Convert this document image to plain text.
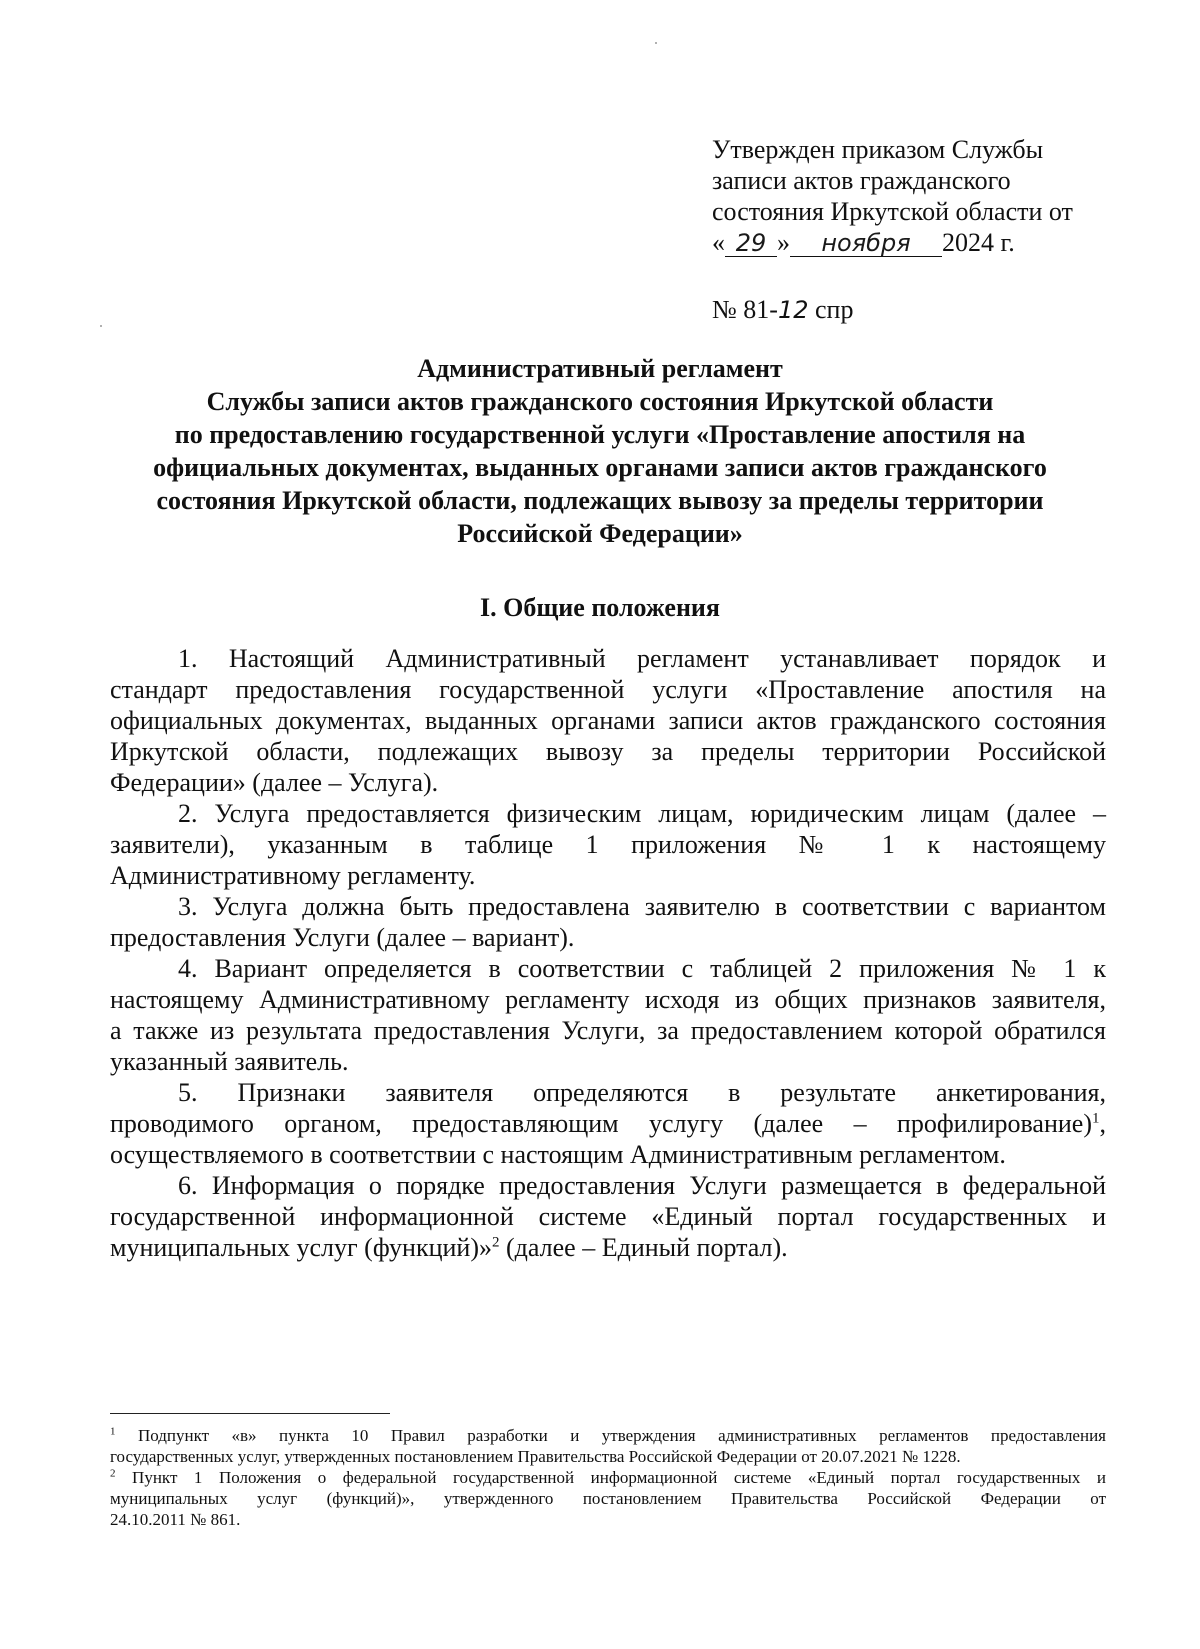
Утвержден приказом Службы
записи актов гражданского
состояния Иркутской области от
« 29 » ноября 2024 г.
№ 81-12 спр
Административный регламент
Службы записи актов гражданского состояния Иркутской области
по предоставлению государственной услуги «Проставление апостиля на
официальных документах, выданных органами записи актов гражданского
состояния Иркутской области, подлежащих вывозу за пределы территории
Российской Федерации»
I. Общие положения
1. Настоящий Административный регламент устанавливает порядок и
стандарт предоставления государственной услуги «Проставление апостиля на
официальных документах, выданных органами записи актов гражданского состояния
Иркутской области, подлежащих вывозу за пределы территории Российской
Федерации» (далее – Услуга).
2. Услуга предоставляется физическим лицам, юридическим лицам (далее –
заявители), указанным в таблице 1 приложения № 1 к настоящему
Административному регламенту.
3. Услуга должна быть предоставлена заявителю в соответствии с вариантом
предоставления Услуги (далее – вариант).
4. Вариант определяется в соответствии с таблицей 2 приложения № 1 к
настоящему Административному регламенту исходя из общих признаков заявителя,
а также из результата предоставления Услуги, за предоставлением которой обратился
указанный заявитель.
5. Признаки заявителя определяются в результате анкетирования,
проводимого органом, предоставляющим услугу (далее – профилирование)$^1$,
осуществляемого в соответствии с настоящим Административным регламентом.
6. Информация о порядке предоставления Услуги размещается в федеральной
государственной информационной системе «Единый портал государственных и
муниципальных услуг (функций)»$^2$ (далее – Единый портал).
$^1$ Подпункт «в» пункта 10 Правил разработки и утверждения административных регламентов предоставления
государственных услуг, утвержденных постановлением Правительства Российской Федерации от 20.07.2021 № 1228.
$^2$ Пункт 1 Положения о федеральной государственной информационной системе «Единый портал государственных и
муниципальных услуг (функций)», утвержденного постановлением Правительства Российской Федерации от
24.10.2011 № 861.
